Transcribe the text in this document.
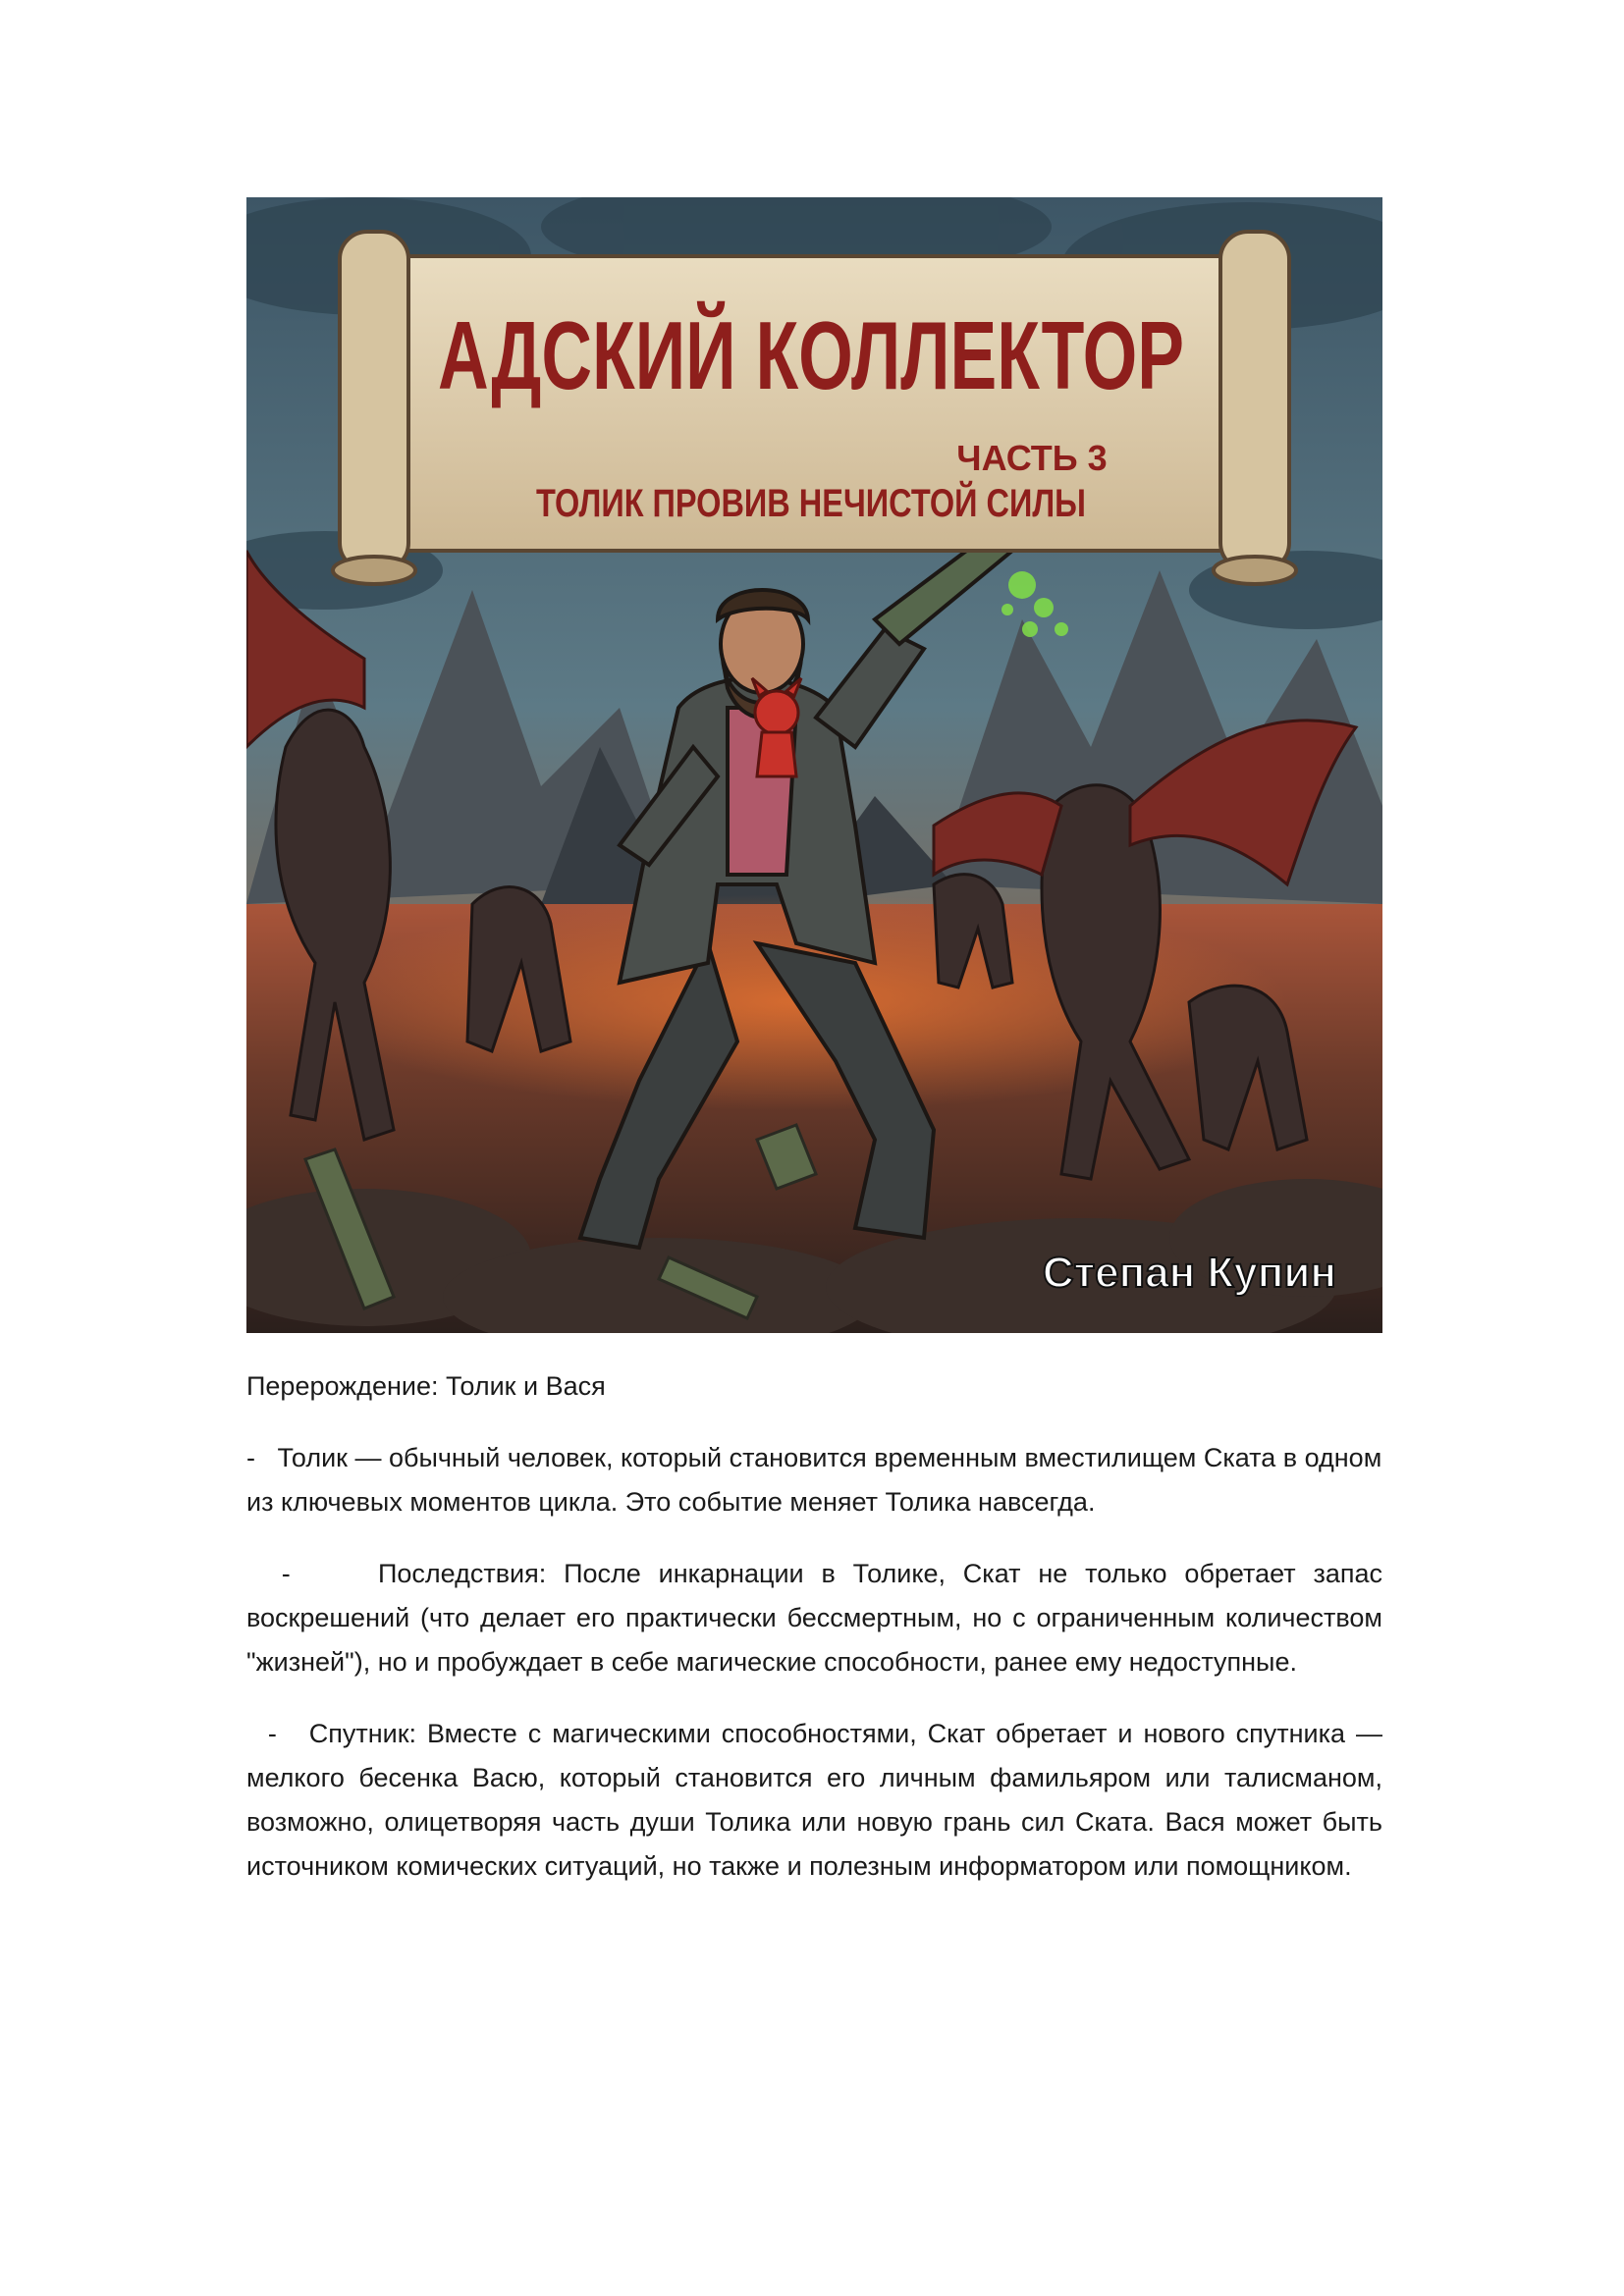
АДСКИЙ КОЛЛЕКТОР
ЧАСТЬ 3
ТОЛИК ПРОВИВ НЕЧИСТОЙ СИЛЫ
Степан Купин

Перерождение: Толик и Вася

- Толик — обычный человек, который становится временным вместилищем Ската в одном из ключевых моментов цикла. Это событие меняет Толика навсегда.

-	Последствия: После инкарнации в Толике, Скат не только обретает запас воскрешений (что делает его практически бессмертным, но с ограниченным количеством "жизней"), но и пробуждает в себе магические способности, ранее ему недоступные.

- Спутник: Вместе с магическими способностями, Скат обретает и нового спутника — мелкого бесенка Васю, который становится его личным фамильяром или талисманом, возможно, олицетворяя часть души Толика или новую грань сил Ската. Вася может быть источником комических ситуаций, но также и полезным информатором или помощником.
